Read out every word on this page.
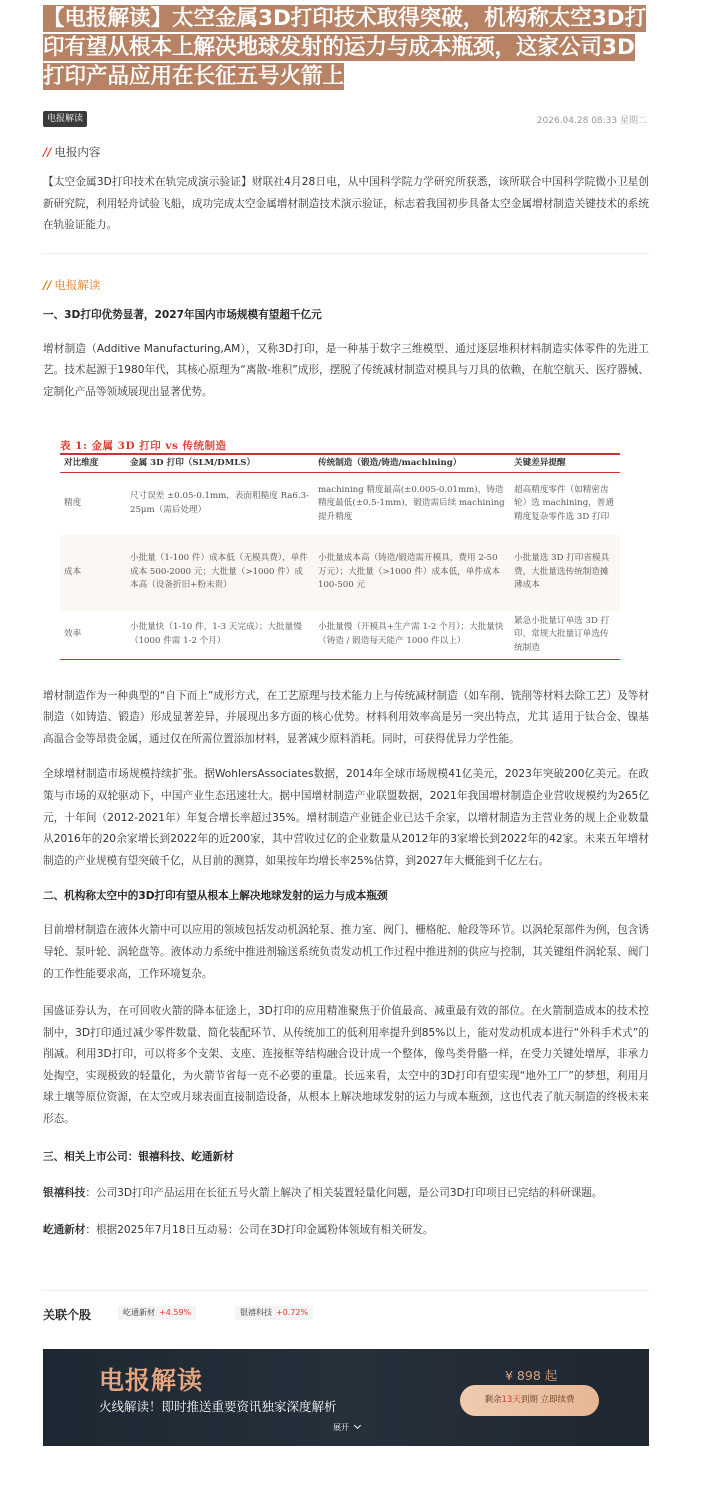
【电报解读】太空金属3D打印技术取得突破，机构称太空3D打印有望从根本上解决地球发射的运力与成本瓶颈，这家公司3D打印产品应用在长征五号火箭上
电报解读	2026.04.28 08:33 星期二
// 电报内容

【太空金属3D打印技术在轨完成演示验证】财联社4月28日电，从中国科学院力学研究所获悉，该所联合中国科学院微小卫星创新研究院，利用轻舟试验飞船，成功完成太空金属增材制造技术演示验证，标志着我国初步具备太空金属增材制造关键技术的系统在轨验证能力。

// 电报解读
一、3D打印优势显著，2027年国内市场规模有望超千亿元

增材制造（Additive Manufacturing,AM），又称3D打印，是一种基于数字三维模型、通过逐层堆积材料制造实体零件的先进工艺。技术起源于1980年代，其核心原理为“离散-堆积”成形，摆脱了传统减材制造对模具与刀具的依赖，在航空航天、医疗器械、定制化产品等领域展现出显著优势。

表 1: 金属 3D 打印 vs 传统制造
对比维度	金属 3D 打印（SLM/DMLS）	传统制造（锻造/铸造/machining）	关键差异提醒
精度	尺寸误差 ±0.05-0.1mm，表面粗糙度 Ra6.3-25μm（需后处理）	machining 精度最高(±0.005-0.01mm)，铸造精度最低(±0.5-1mm)，锻造需后续 machining 提升精度	超高精度零件（如精密齿轮）选 machining，普通精度复杂零件选 3D 打印
成本	小批量（1-100 件）成本低（无模具费），单件成本 500-2000 元；大批量（>1000 件）成本高（设备折旧+粉末贵）	小批量成本高（铸造/锻造需开模具，费用 2-50 万元）；大批量（>1000 件）成本低，单件成本 100-500 元	小批量选 3D 打印省模具费，大批量选传统制造摊薄成本
效率	小批量快（1-10 件，1-3 天完成）；大批量慢（1000 件需 1-2 个月）	小批量慢（开模具+生产需 1-2 个月）；大批量快（铸造 / 锻造每天能产 1000 件以上）	紧急小批量订单选 3D 打印，常规大批量订单选传统制造

增材制造作为一种典型的“自下而上”成形方式，在工艺原理与技术能力上与传统减材制造（如车削、铣削等材料去除工艺）及等材制造（如铸造、锻造）形成显著差异，并展现出多方面的核心优势。材料利用效率高是另一突出特点，尤其 适用于钛合金、镍基高温合金等昂贵金属，通过仅在所需位置添加材料，显著减少原料消耗。同时，可获得优异力学性能。

全球增材制造市场规模持续扩张。据WohlersAssociates数据，2014年全球市场规模41亿美元，2023年突破200亿美元。在政策与市场的双轮驱动下，中国产业生态迅速壮大。据中国增材制造产业联盟数据，2021年我国增材制造企业营收规模约为265亿元，十年间（2012-2021年）年复合增长率超过35%。增材制造产业链企业已达千余家，以增材制造为主营业务的规上企业数量从2016年的20余家增长到2022年的近200家，其中营收过亿的企业数量从2012年的3家增长到2022年的42家。未来五年增材制造的产业规模有望突破千亿，从目前的测算，如果按年均增长率25%估算，到2027年大概能到千亿左右。

二、机构称太空中的3D打印有望从根本上解决地球发射的运力与成本瓶颈

目前增材制造在液体火箭中可以应用的领域包括发动机涡轮泵、推力室、阀门、栅格舵、舱段等环节。以涡轮泵部件为例，包含诱导轮、泵叶轮、涡轮盘等。液体动力系统中推进剂输送系统负责发动机工作过程中推进剂的供应与控制，其关键组件涡轮泵、阀门的工作性能要求高，工作环境复杂。

国盛证券认为，在可回收火箭的降本征途上，3D打印的应用精准聚焦于价值最高、减重最有效的部位。在火箭制造成本的技术控制中，3D打印通过减少零件数量、简化装配环节、从传统加工的低利用率提升到85%以上，能对发动机成本进行“外科手术式”的削减。利用3D打印，可以将多个支架、支座、连接框等结构融合设计成一个整体，像鸟类骨骼一样，在受力关键处增厚，非承力处掏空，实现极致的轻量化，为火箭节省每一克不必要的重量。长远来看，太空中的3D打印有望实现“地外工厂”的梦想，利用月球土壤等原位资源，在太空或月球表面直接制造设备，从根本上解决地球发射的运力与成本瓶颈，这也代表了航天制造的终极未来形态。

三、相关上市公司：银禧科技、屹通新材

银禧科技：公司3D打印产品运用在长征五号火箭上解决了相关装置轻量化问题，是公司3D打印项目已完结的科研课题。

屹通新材：根据2025年7月18日互动易：公司在3D打印金属粉体领域有相关研发。

关联个股	屹通新材 +4.59%	银禧科技 +0.72%
电报解读
火线解读！即时推送重要资讯独家深度解析
¥ 898 起
剩余13天到期 立即续费
展开
